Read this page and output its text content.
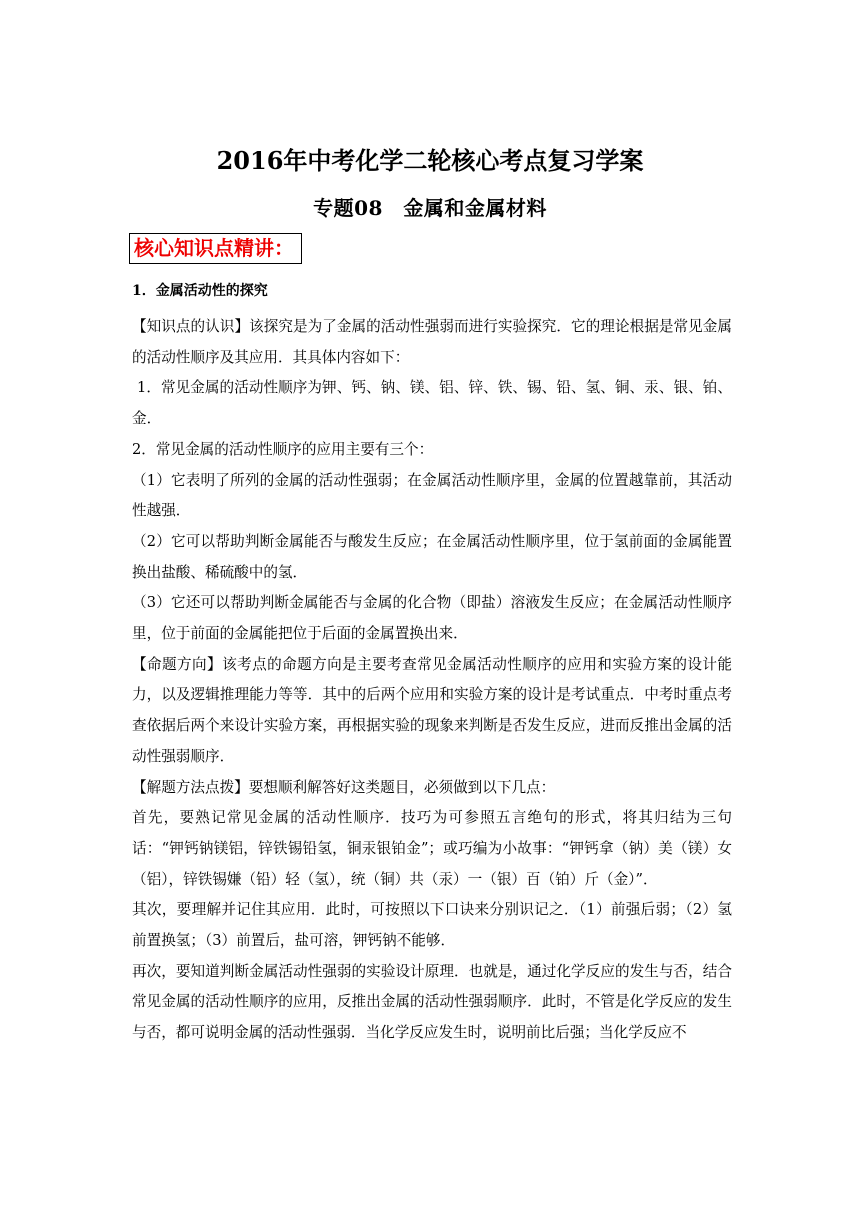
2016年中考化学二轮核心考点复习学案
专题08　金属和金属材料
核心知识点精讲：
1．金属活动性的探究

【知识点的认识】该探究是为了金属的活动性强弱而进行实验探究．它的理论根据是常见金属的活动性顺序及其应用．其具体内容如下：

1．常见金属的活动性顺序为钾、钙、钠、镁、铝、锌、铁、锡、铅、氢、铜、汞、银、铂、金．

2．常见金属的活动性顺序的应用主要有三个：

（1）它表明了所列的金属的活动性强弱；在金属活动性顺序里，金属的位置越靠前，其活动性越强．

（2）它可以帮助判断金属能否与酸发生反应；在金属活动性顺序里，位于氢前面的金属能置换出盐酸、稀硫酸中的氢．

（3）它还可以帮助判断金属能否与金属的化合物（即盐）溶液发生反应；在金属活动性顺序里，位于前面的金属能把位于后面的金属置换出来．

【命题方向】该考点的命题方向是主要考查常见金属活动性顺序的应用和实验方案的设计能力，以及逻辑推理能力等等．其中的后两个应用和实验方案的设计是考试重点．中考时重点考查依据后两个来设计实验方案，再根据实验的现象来判断是否发生反应，进而反推出金属的活动性强弱顺序．

【解题方法点拨】要想顺利解答好这类题目，必须做到以下几点：

首先，要熟记常见金属的活动性顺序．技巧为可参照五言绝句的形式，将其归结为三句话：“钾钙钠镁铝，锌铁锡铅氢，铜汞银铂金”；或巧编为小故事：“钾钙拿（钠）美（镁）女（铝），锌铁锡嫌（铅）轻（氢），统（铜）共（汞）一（银）百（铂）斤（金）”．

其次，要理解并记住其应用．此时，可按照以下口诀来分别识记之．（1）前强后弱；（2）氢前置换氢；（3）前置后，盐可溶，钾钙钠不能够．

再次，要知道判断金属活动性强弱的实验设计原理．也就是，通过化学反应的发生与否，结合常见金属的活动性顺序的应用，反推出金属的活动性强弱顺序．此时，不管是化学反应的发生与否，都可说明金属的活动性强弱．当化学反应发生时，说明前比后强；当化学反应不
